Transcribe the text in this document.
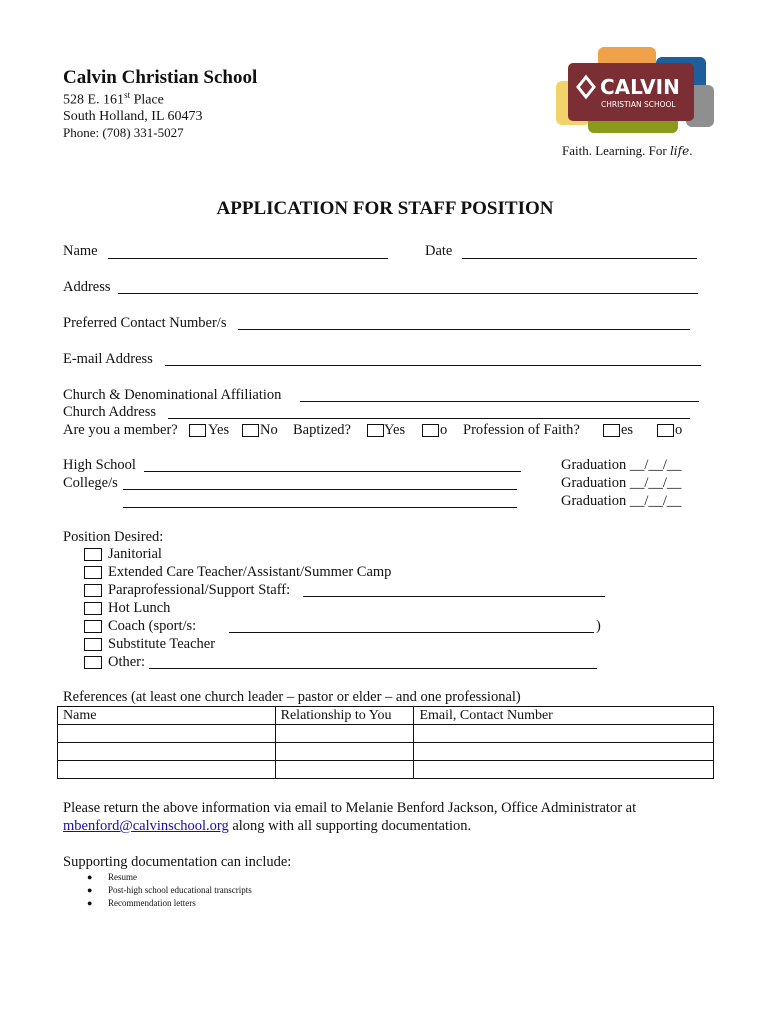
Calvin Christian School
528 E. 161st Place
South Holland, IL 60473
Phone: (708) 331-5027
CALVIN
CHRISTIAN SCHOOL
Faith. Learning. For life.
APPLICATION FOR STAFF POSITION
Name	Date
Address
Preferred Contact Number/s
E-mail Address
Church & Denominational Affiliation
Church Address
Are you a member? Yes No Baptized? Yes o Profession of Faith?	es	o
High School	Graduation __/__/__
College/s	Graduation __/__/__
Graduation __/__/__
Position Desired:
Janitorial
Extended Care Teacher/Assistant/Summer Camp
Paraprofessional/Support Staff:
Hot Lunch
Coach (sport/s:	)
Substitute Teacher
Other:
References (at least one church leader – pastor or elder – and one professional)
Name	Relationship to You	Email, Contact Number

Please return the above information via email to Melanie Benford Jackson, Office Administrator at
mbenford@calvinschool.org along with all supporting documentation.
Supporting documentation can include:
● Resume
● Post-high school educational transcripts
● Recommendation letters
